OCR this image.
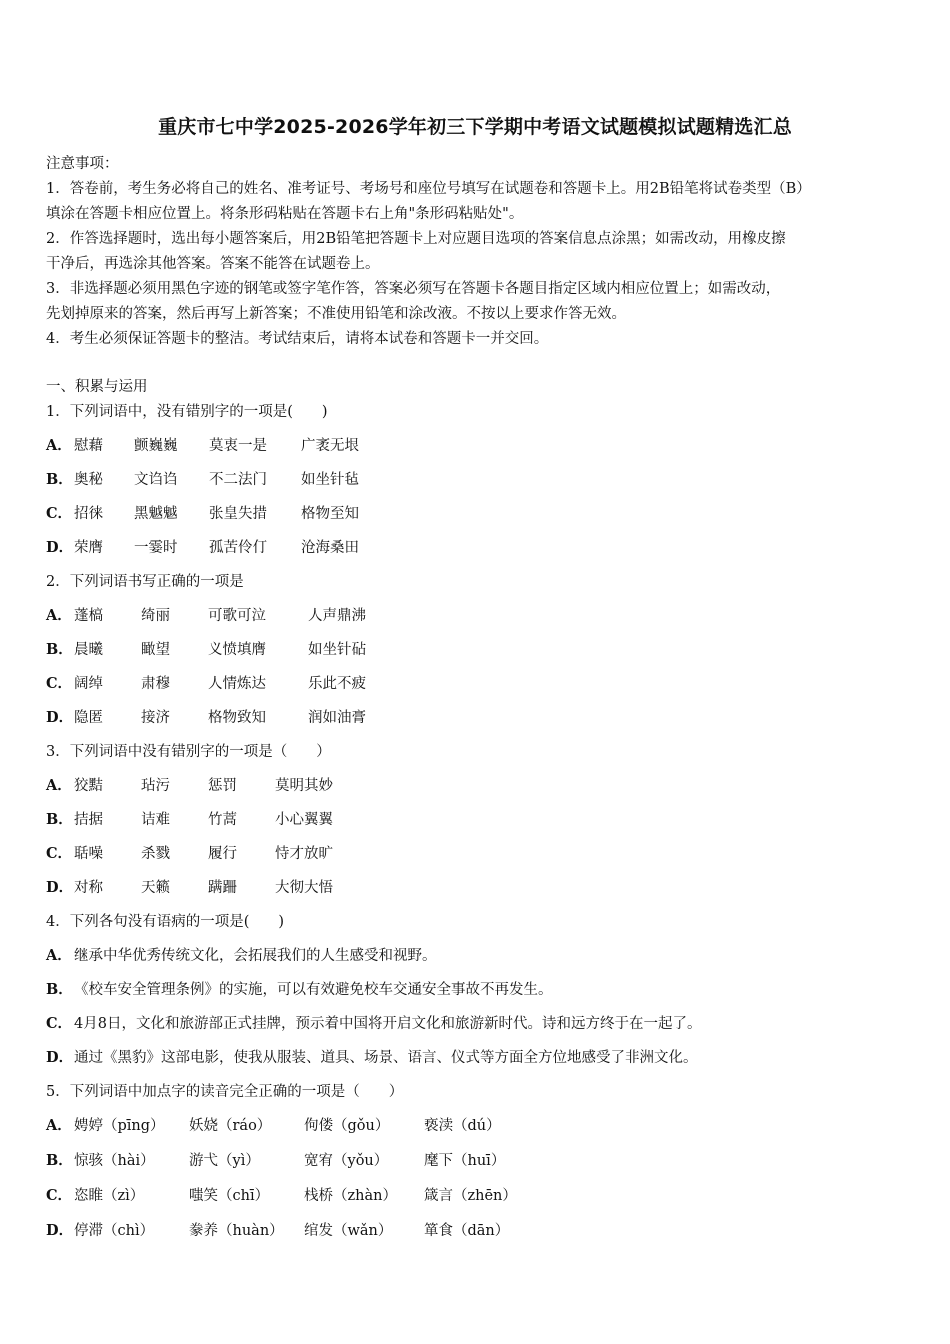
重庆市七中学2025-2026学年初三下学期中考语文试题模拟试题精选汇总

注意事项：

1．答卷前，考生务必将自己的姓名、准考证号、考场号和座位号填写在试题卷和答题卡上。用2B铅笔将试卷类型（B）

填涂在答题卡相应位置上。将条形码粘贴在答题卡右上角"条形码粘贴处"。

2．作答选择题时，选出每小题答案后，用2B铅笔把答题卡上对应题目选项的答案信息点涂黑；如需改动，用橡皮擦

干净后，再选涂其他答案。答案不能答在试题卷上。

3．非选择题必须用黑色字迹的钢笔或签字笔作答，答案必须写在答题卡各题目指定区域内相应位置上；如需改动，

先划掉原来的答案，然后再写上新答案；不准使用铅笔和涂改液。不按以上要求作答无效。

4．考生必须保证答题卡的整洁。考试结束后，请将本试卷和答题卡一并交回。

一、积累与运用
1．下列词语中，没有错别字的一项是(　　)
A． 慰藉 颤巍巍 莫衷一是 广袤无垠
B．奥秘 文诌诌 不二法门 如坐针毡
C． 招徕 黑魆魆 张皇失措 格物至知
D．荣膺 一霎时 孤苦伶仃 沧海桑田
2．下列词语书写正确的一项是
A． 蓬槁	绮丽	可歌可泣	人声鼎沸
B．晨曦	瞰望	义愤填膺	如坐针砧
C． 阔绰	肃穆	人情炼达	乐此不疲
D．隐匿	接济	格物致知	润如油膏
3．下列词语中没有错别字的一项是（　　）
A． 狡黠	玷污	惩罚	莫明其妙
B．拮据	诘难	竹蒿	小心翼翼
C． 聒噪	杀戮	履行	恃才放旷
D．对称	天籁	蹒跚	大彻大悟
4．下列各句没有语病的一项是(　　)
A． 继承中华优秀传统文化，会拓展我们的人生感受和视野。
B．《校车安全管理条例》的实施，可以有效避免校车交通安全事故不再发生。
C． 4月8日，文化和旅游部正式挂牌，预示着中国将开启文化和旅游新时代。诗和远方终于在一起了。
D．通过《黑豹》这部电影，使我从服装、道具、场景、语言、仪式等方面全方位地感受了非洲文化。
5．下列词语中加点字的读音完全正确的一项是（　　）
A． 娉婷（pīng） 妖娆（ráo） 佝偻（gǒu） 亵渎（dú）
B．惊骇（hài） 游弋（yì）	宽宥（yǒu） 麾下（huī）
C． 恣睢（zì）	嗤笑（chī） 栈桥（zhàn） 箴言（zhēn）
D．停滞（chì） 豢养（huàn） 绾发（wǎn） 箪食（dān）
